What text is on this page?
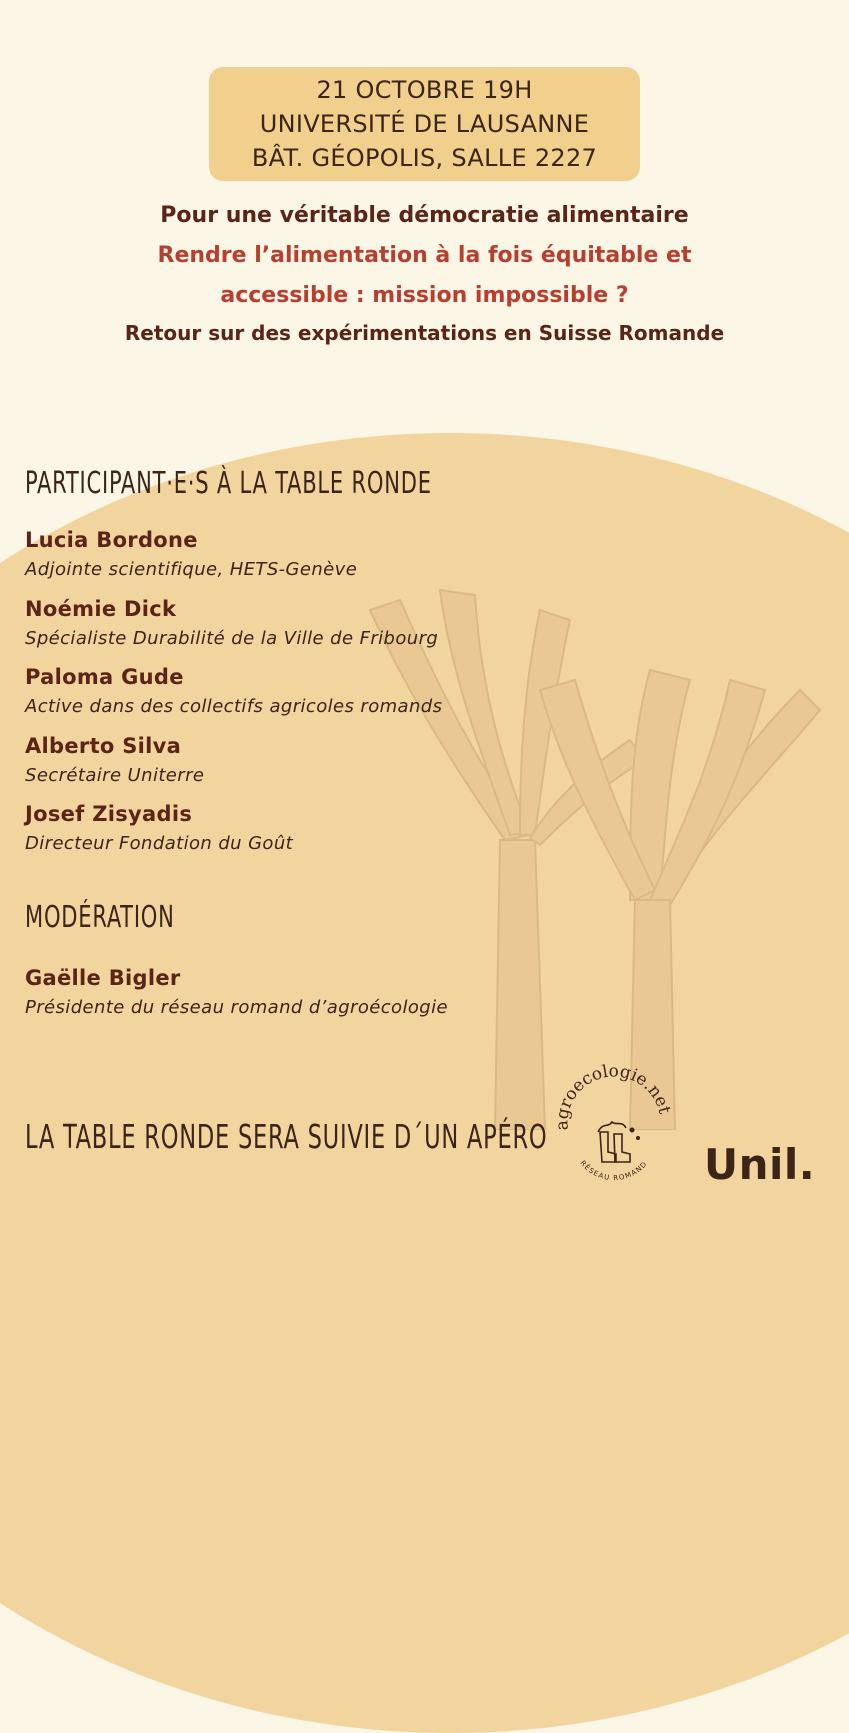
21 OCTOBRE 19H
UNIVERSITÉ DE LAUSANNE
BÂT. GÉOPOLIS, SALLE 2227
Pour une véritable démocratie alimentaire
Rendre l’alimentation à la fois équitable et
accessible : mission impossible ?
Retour sur des expérimentations en Suisse Romande
PARTICIPANT·E·S À LA TABLE RONDE
Lucia Bordone
Adjointe scientifique, HETS-Genève
Noémie Dick
Spécialiste Durabilité de la Ville de Fribourg
Paloma Gude
Active dans des collectifs agricoles romands
Alberto Silva
Secrétaire Uniterre
Josef Zisyadis
Directeur Fondation du Goût
MODÉRATION
Gaëlle Bigler
Présidente du réseau romand d’agroécologie
LA TABLE RONDE SERA SUIVIE D´UN APÉRO agroecologie.net
RÉSEAU ROMAND Unil.
